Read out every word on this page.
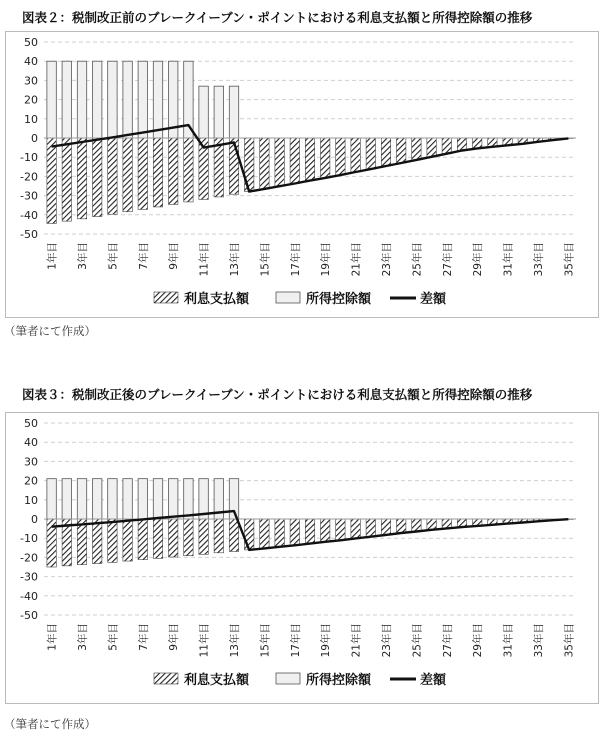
図表２：税制改正前のブレークイーブン・ポイントにおける利息支払額と所得控除額の推移
50
40
30
20
10
0
-10
-20
-30
-40
-50
1年目 3年目 5年目 7年目 9年目 11年目 13年目 15年目 17年目 19年目 21年目 23年目 25年目 27年目 29年目 31年目 33年目 35年目
利息支払額	所得控除額	差額
（筆者にて作成）
図表３：税制改正後のブレークイーブン・ポイントにおける利息支払額と所得控除額の推移
50
40
30
20
10
0
-10
-20
-30
-40
-50
1年目 3年目 5年目 7年目 9年目 11年目 13年目 15年目 17年目 19年目 21年目 23年目 25年目 27年目 29年目 31年目 33年目 35年目
利息支払額	所得控除額	差額
（筆者にて作成）
